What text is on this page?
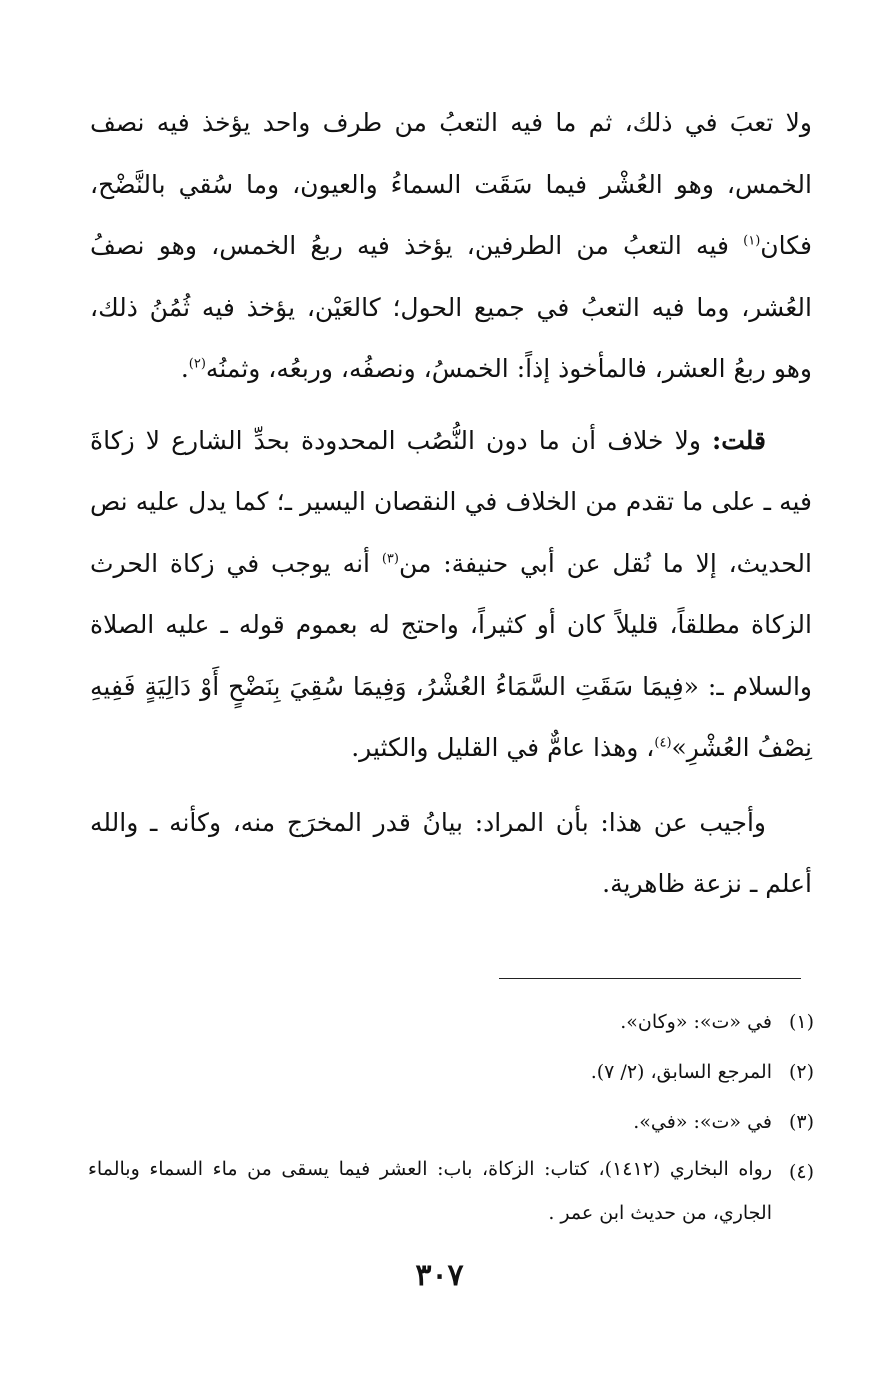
ولا تعبَ في ذلك، ثم ما فيه التعبُ من طرف واحد يؤخذ فيه نصف الخمس، وهو العُشْر فيما سَقَت السماءُ والعيون، وما سُقي بالنَّضْح، فكان$^{(١)}$ فيه التعبُ من الطرفين، يؤخذ فيه ربعُ الخمس، وهو نصفُ العُشر، وما فيه التعبُ في جميع الحول؛ كالعَيْن، يؤخذ فيه ثُمُنُ ذلك، وهو ربعُ العشر، فالمأخوذ إذاً: الخمسُ، ونصفُه، وربعُه، وثمنُه$^{(٢)}$.

قلت: ولا خلاف أن ما دون النُّصُب المحدودة بحدِّ الشارع لا زكاةَ فيه ـ على ما تقدم من الخلاف في النقصان اليسير ـ؛ كما يدل عليه نص الحديث، إلا ما نُقل عن أبي حنيفة: من$^{(٣)}$ أنه يوجب في زكاة الحرث الزكاة مطلقاً، قليلاً كان أو كثيراً، واحتج له بعموم قوله ـ عليه الصلاة والسلام ـ: «فِيمَا سَقَتِ السَّمَاءُ العُشْرُ، وَفِيمَا سُقِيَ بِنَضْحٍ أَوْ دَالِيَةٍ فَفِيهِ نِصْفُ العُشْرِ»$^{(٤)}$، وهذا عامٌّ في القليل والكثير.

وأجيب عن هذا: بأن المراد: بيانُ قدر المخرَج منه، وكأنه ـ والله أعلم ـ نزعة ظاهرية.

(١)
في «ت»: «وكان».
(٢)
المرجع السابق، (٢/ ٧).
(٣)
في «ت»: «في».
(٤)
رواه البخاري (١٤١٢)، كتاب: الزكاة، باب: العشر فيما يسقى من ماء السماء وبالماء الجاري، من حديث ابن عمر .
٣٠٧
